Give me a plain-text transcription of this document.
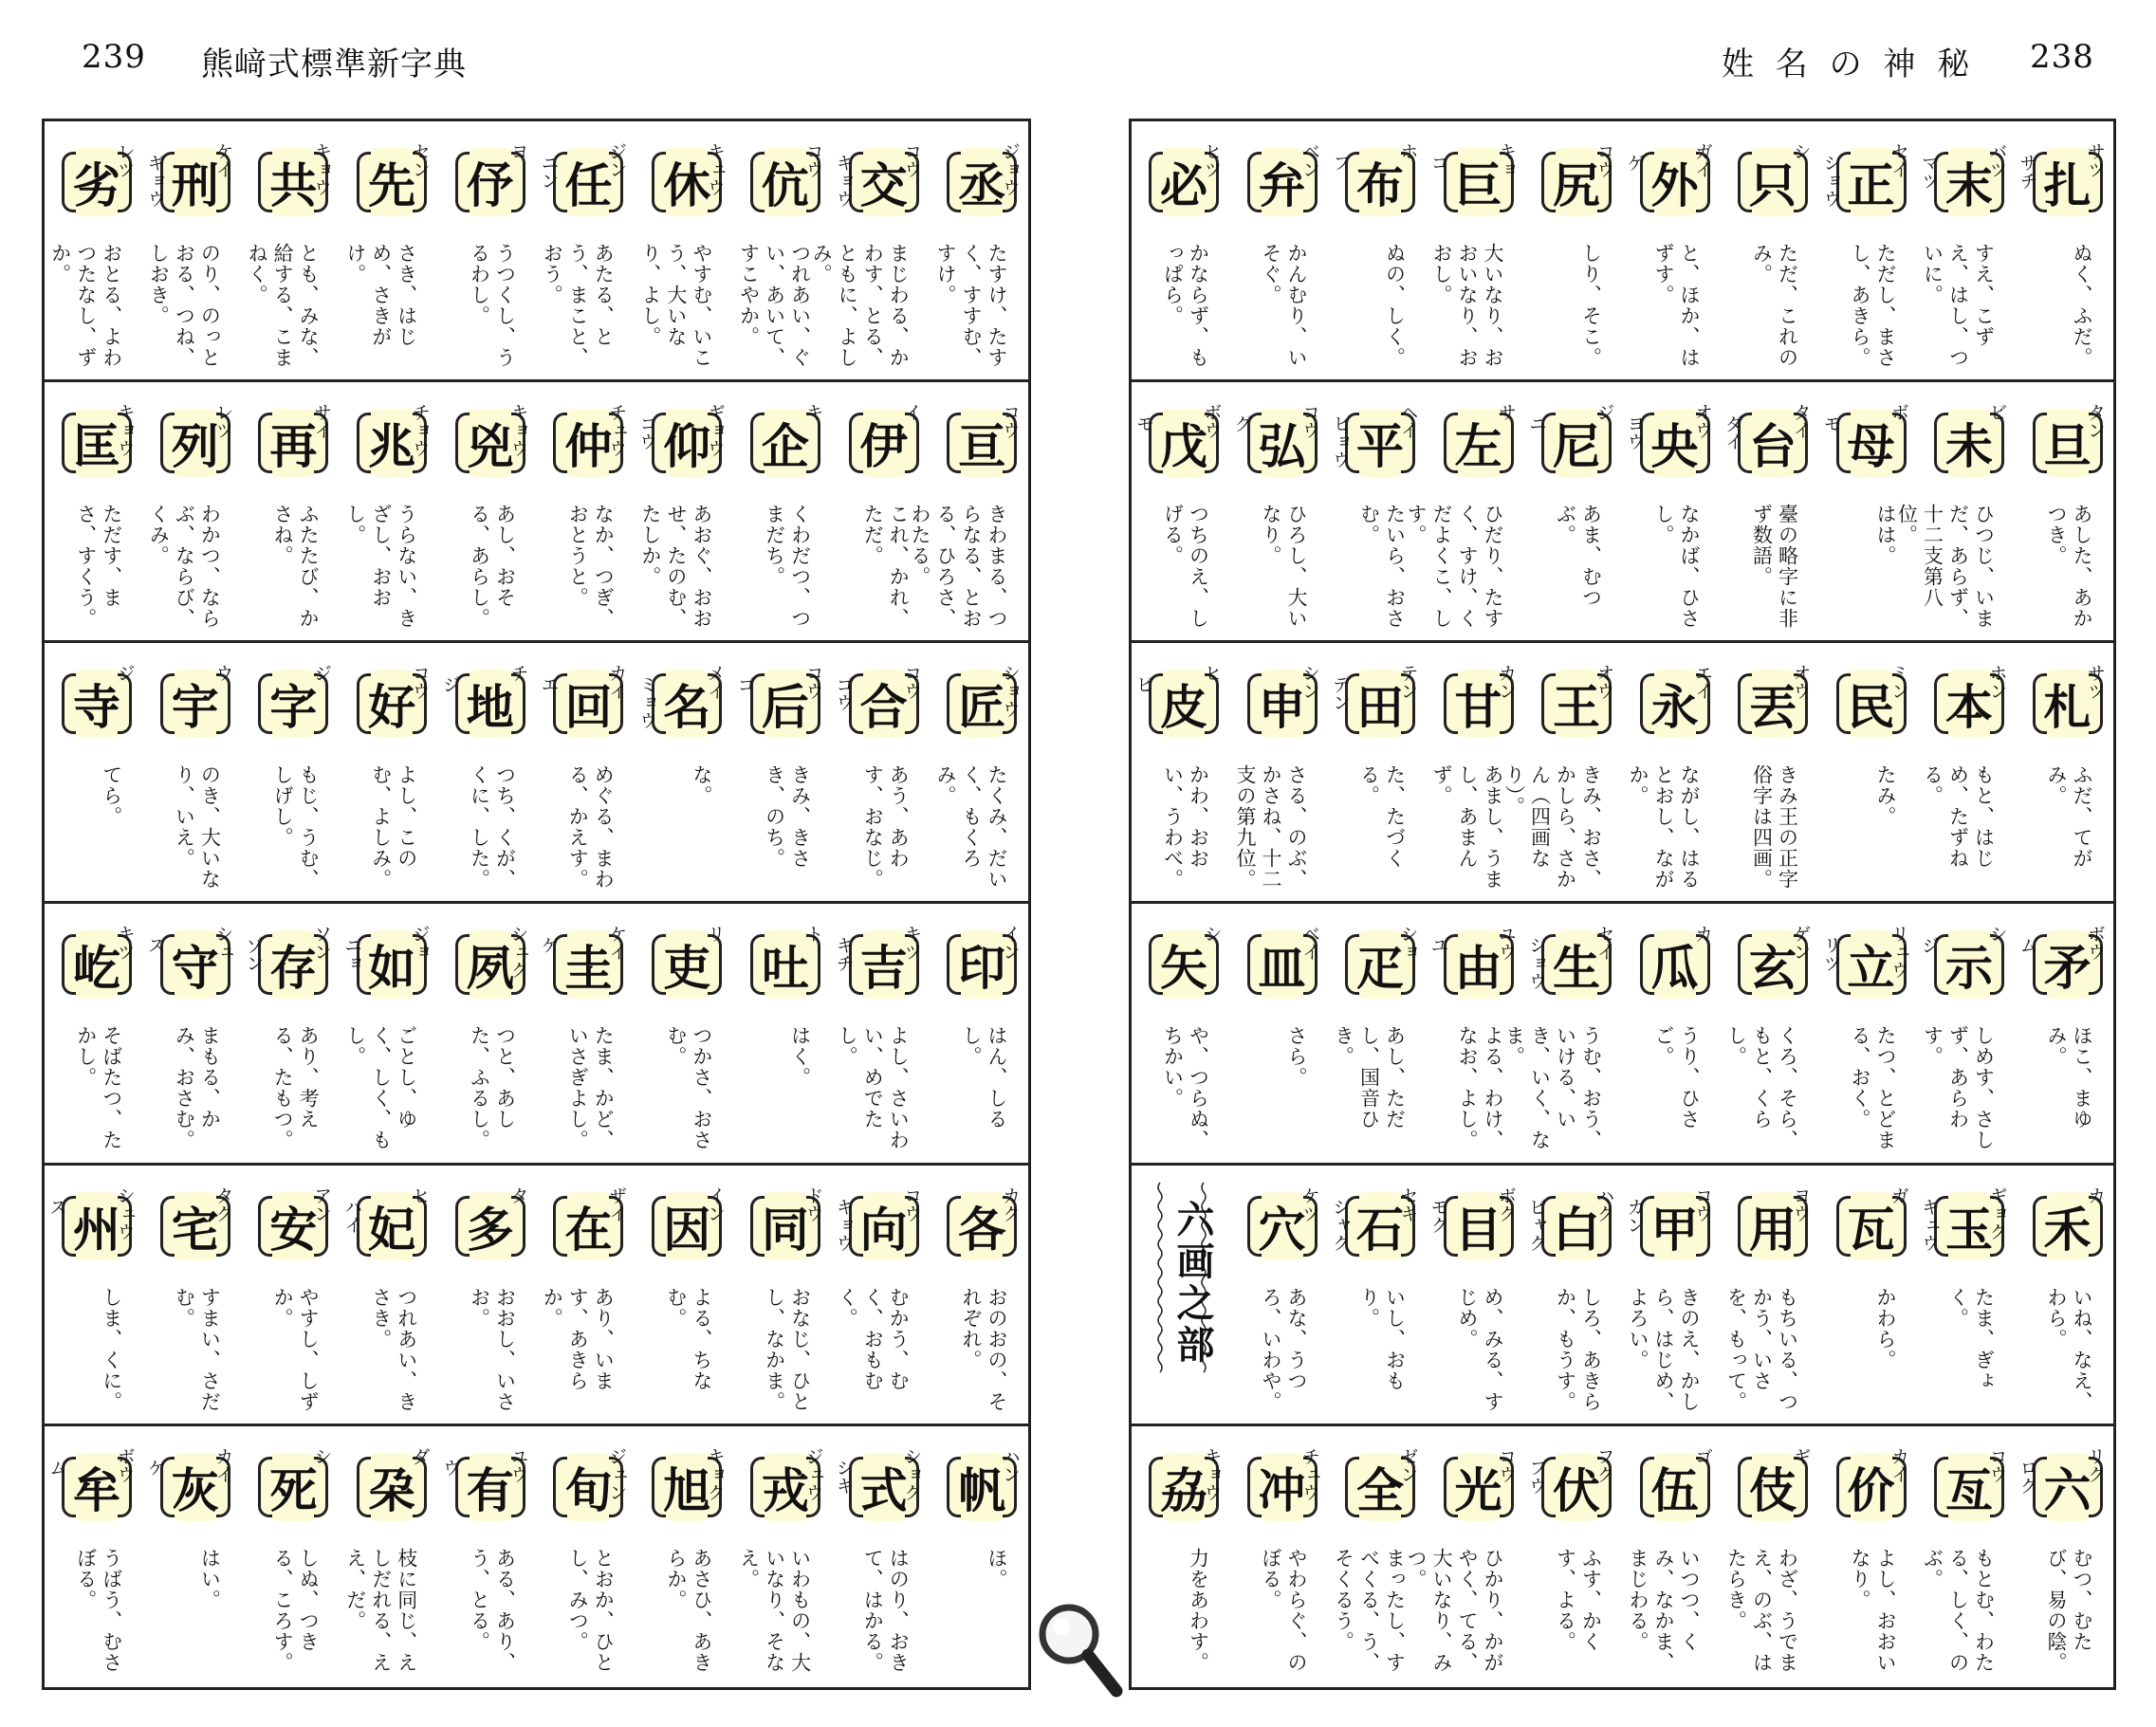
239 熊﨑式標準新字典	姓 名 の 神 秘 238
劣
レツ
おとる、よわつたなし、ずか。
刑
ケイ
ギョウ
のり、のっとおる、つね、しおき。
共
キョウ
とも、みな、給する、こまねく。
先
セン
さき、はじめ、さきがけ。
伃
ヨ
うつくし、うるわし。
任
ジン
ニン
あたる、とう、まこと、おう。
休
キュウ
やすむ、いこう、大いなり、よし。
伉
コウ
つれあい、ぐい、あいて、すこやか。
交
コウ
キョウ
まじわる、かわす、とる、ともに、よしみ。
丞
ジョウ
たすけ、たすく、すすむ、すけ。
匡
キョウ
ただす、まさ、すくう。
列
レツ
わかつ、ならぶ、ならび、くみ。
再
サイ
ふたたび、かさね。
兆
チョウ
うらない、きざし、おおし。
兇
キョウ
あし、おそる、あらし。
仲
チュウ
なか、つぎ、おとうと。
仰
ギョウ
コウ
あおぐ、おおせ、たのむ、たしか。
企
キ
くわだつ、つまだち。
伊
イ
これ、かれ、ただ。
亘
コウ
きわまる、つらなる、とおる、ひろさ、わたる。
寺
ジ
てら。
宇
ウ
のき、大いなり、いえ。
字
ジ
もじ、うむ、しげし。
好
コウ
よし、このむ、よしみ。
地
チ
ジ
つち、くが、くに、した。
回
カイ
エ
めぐる、まわる、かえす。
名
メイ
ミョウ
な。
后
コウ
ゴ
きみ、きさき、のち。
合
コウ
ゴウ
あう、あわす、おなじ。
匠
ショウ
たくみ、だいく、もくろみ。
屹
キツ
そばたつ、たかし。
守
シュ
ス
まもる、かみ、おさむ。
存
ソン
ゾン
あり、考える、たもつ。
如
ジョ
ニョ
ごとし、ゆく、しく、もし。
夙
シュク
つと、あした、ふるし。
圭
ケイ
ケ
たま、かど、いさぎよし。
吏
リ
つかさ、おさむ。
吐
ト
はく。
吉
キツ
キチ
よし、さいわい、めでたし。
印
イン
はん、しるし。
州
シュウ
ス
しま、くに。
宅
タク
すまい、さだむ。
安
アン
やすし、しずか。
妃
ヒ
ハイ
つれあい、きさき。
多
タ
おおし、いさお。
在
ザイ
あり、います、あきらか。
因
イン
よる、ちなむ。
同
ドウ
おなじ、ひとし、なかま。
向
コウ
キョウ
むかう、むく、おもむく。
各
カク
おのおの、それぞれ。
牟
ボウ
ム
うばう、むさぼる。
灰
カイ
ケ
はい。
死
シ
しぬ、つきる、ころす。
朶
ダ
枝に同じ、えしだれる、ええ、だ。
有
ユウ
ウ
ある、あり、う、とる。
旬
ジュン
とおか、ひとし、みつ。
旭
キョク
あさひ、あきらか。
戎
ジュウ
いわもの、大いなり、そなえ。
式
ショク
シキ
はのり、おきて、はかる。
帆
ハン
ほ。
必
ヒツ
かならず、もっぱら。
弁
ベン
かんむり、いそぐ。
布
ホ
フ
ぬの、しく。
巨
キョ
コ
大いなり、おおいなり、おおし。
尻
コウ
しり、そこ。
外
ガイ
ゲ
と、ほか、はずす。
只
シ
ただ、これのみ。
正
セイ
ショウ
ただし、まさし、あきら。
末
バツ
マツ
すえ、こずえ、はし、ついに。
扎
サツ
サチ
ぬく、ふだ。
戊
ボウ
モ
つちのえ、しげる。
弘
コウ
グ
ひろし、大いなり。
平
ヘイ
ヒョウ
たいら、おさむ。
左
サ
ひだり、たすく、すけ、くだよくこ、しす。
尼
ジ
ニ
あま、むつぶ。
央
オウ
ヨウ
なかば、ひさし。
台
タイ
ダイ
臺の略字に非ず数語。
母
ボ
モ
はは。
未
ビ
ひつじ、いまだ、あらず、十二支第八位。
旦
タン
あした、あかつき。
皮
ヒ
ビ
かわ、おおい、うわべ。
申
シン
さる、のぶ、かさね、十二支の第九位。
田
テン
デン
た、たづくる。
甘
カン
あまし、うまし、あまんず。
王
オウ
きみ、おさ、かしら、さかん（四画なり）。
永
エイ
ながし、はるとおし、ながか。
丟
オウ
きみ王の正字俗字は四画。
民
ミン
たみ。
本
ホン
もと、はじめ、たずねる。
札
サツ
ふだ、てがみ。
矢
シ
や、つらぬ、ちかい。
皿
ベイ
さら。
疋
ショ
あし、ただし、国音ひき。
由
ユウ
ユ
よる、わけ、なお、よし。
生
セイ
ショウ
うむ、おう、いける、いき、いく、なま。
瓜
カ
うり、ひさご。
玄
ゲン
くろ、そら、もと、くらし。
立
リュウ
リツ
たつ、とどまる、おく。
示
シ
ジ
しめす、さしず、あらわす。
矛
ボウ
ム
ほこ、まゆみ。
六画之部 穴
ケツ
あな、うつろ、いわや。
石
セキ
シャク
いし、おもり。
目
ボク
モク
め、みる、すじめ。
白
ハク
ビャク
しろ、あきらか、もうす。
甲
コウ
カン
きのえ、かしら、はじめ、よろい。
用
ヨウ
もちいる、つかう、いさを、もって。
瓦
ガ
かわら。
玉
ギョク
キュウ
たま、ぎょく。
禾
カ
いね、なえ、わら。
劦
キョウ
力をあわす。
冲
チュウ
やわらぐ、のぼる。
全
ゼン
まったし、すべくる、う、そくるう。
光
コウ
ひかり、かがやく、てる、大いなり、みつ。
伏
フク
フウ
ふす、かくす、よる。
伍
ゴ
いつつ、くみ、なかま、まじわる。
伎
ギ
わざ、うでまえ、のぶ、はたらき。
价
カイ
よし、おおいなり。
亙
コウ
もとむ、わたる、しく、のぶ。
六
リク
ロク
むつ、むたび、易の陰。
